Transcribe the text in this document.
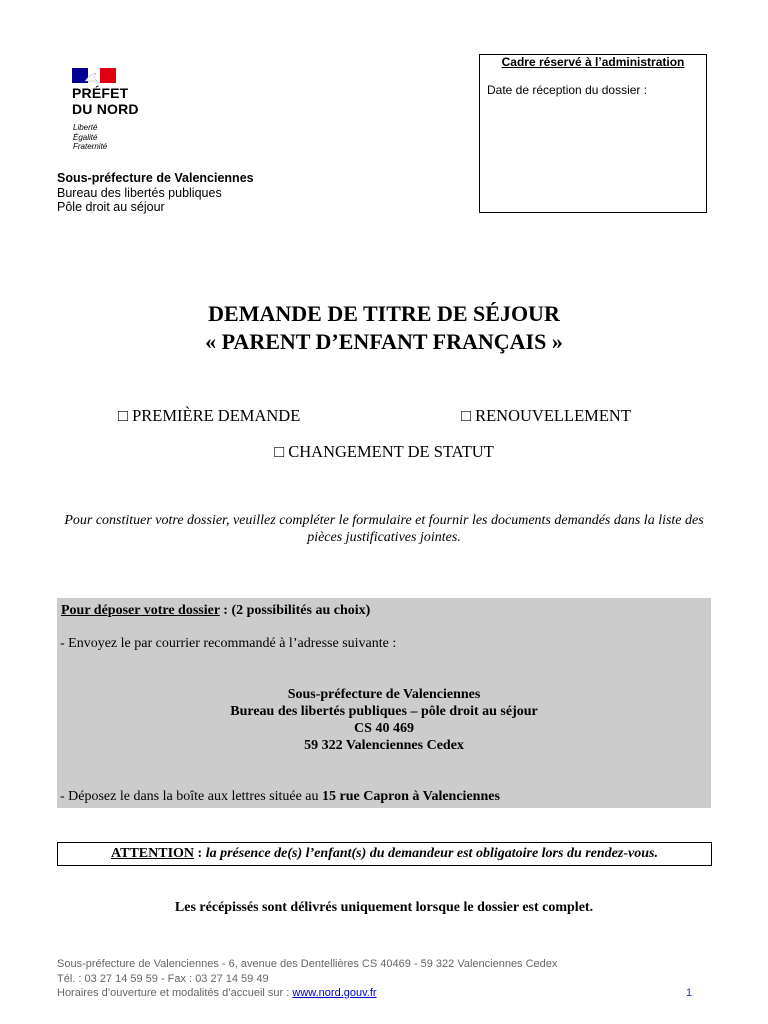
PRÉFET
DU NORD
Liberté
Égalité
Fraternité
Sous-préfecture de Valenciennes
Bureau des libertés publiques
Pôle droit au séjour
Cadre réservé à l’administration
Date de réception du dossier :
DEMANDE DE TITRE DE SÉJOUR
« PARENT D’ENFANT FRANÇAIS »
□ PREMIÈRE DEMANDE	□ RENOUVELLEMENT
□ CHANGEMENT DE STATUT
Pour constituer votre dossier, veuillez compléter le formulaire et fournir les documents demandés dans la liste des pièces justificatives jointes.
Pour déposer votre dossier : (2 possibilités au choix)
- Envoyez le par courrier recommandé à l’adresse suivante :
Sous-préfecture de Valenciennes
Bureau des libertés publiques – pôle droit au séjour
CS 40 469
59 322 Valenciennes Cedex
- Déposez le dans la boîte aux lettres située au 15 rue Capron à Valenciennes
ATTENTION : la présence de(s) l’enfant(s) du demandeur est obligatoire lors du rendez-vous.
Les récépissés sont délivrés uniquement lorsque le dossier est complet.
Sous-préfecture de Valenciennes - 6, avenue des Dentellières CS 40469 - 59 322 Valenciennes Cedex
Tél. : 03 27 14 59 59 - Fax : 03 27 14 59 49
Horaires d’ouverture et modalités d’accueil sur : www.nord.gouv.fr	1
